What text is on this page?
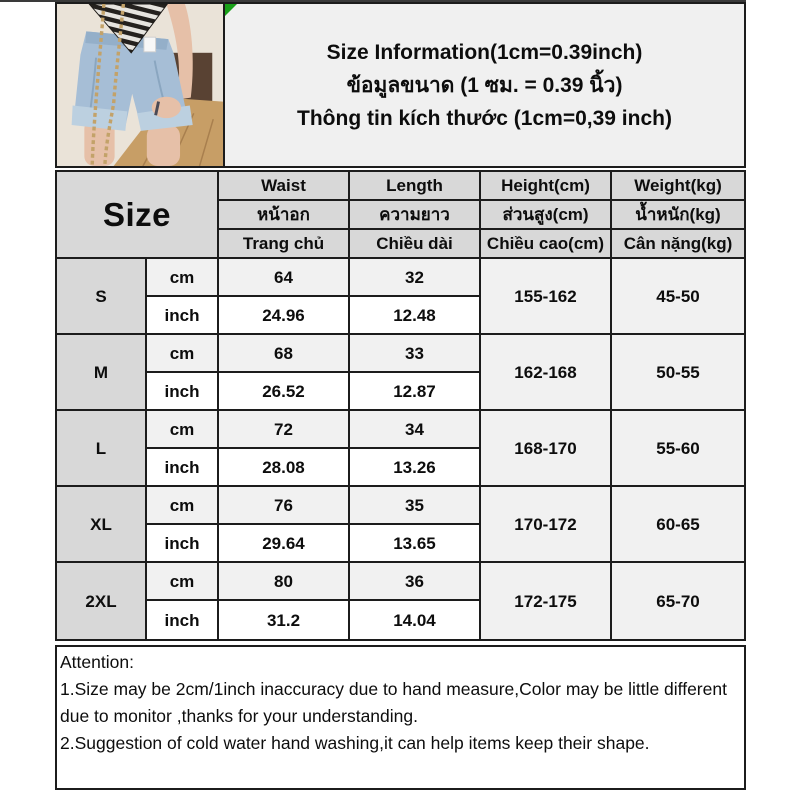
Size Information(1cm=0.39inch)
ข้อมูลขนาด (1 ซม. = 0.39 นิ้ว)
Thông tin kích thước (1cm=0,39 inch)
Size
Waist	Length	Height(cm)	Weight(kg)
หน้าอก	ความยาว	ส่วนสูง(cm)	น้ำหนัก(kg)
Trang chủ	Chiều dài	Chiều cao(cm)	Cân nặng(kg)
S
cm	64	32
inch	24.96	12.48
155-162	45-50
M
cm	68	33
inch	26.52	12.87
162-168	50-55
L
cm	72	34
inch	28.08	13.26
168-170	55-60
XL
cm	76	35
inch	29.64	13.65
170-172	60-65
2XL
cm	80	36
inch	31.2	14.04
172-175	65-70
Attention:
1.Size may be 2cm/1inch inaccuracy due to hand measure,Color may be little different due to monitor ,thanks for your understanding.
2.Suggestion of cold water hand washing,it can help items keep their shape.
